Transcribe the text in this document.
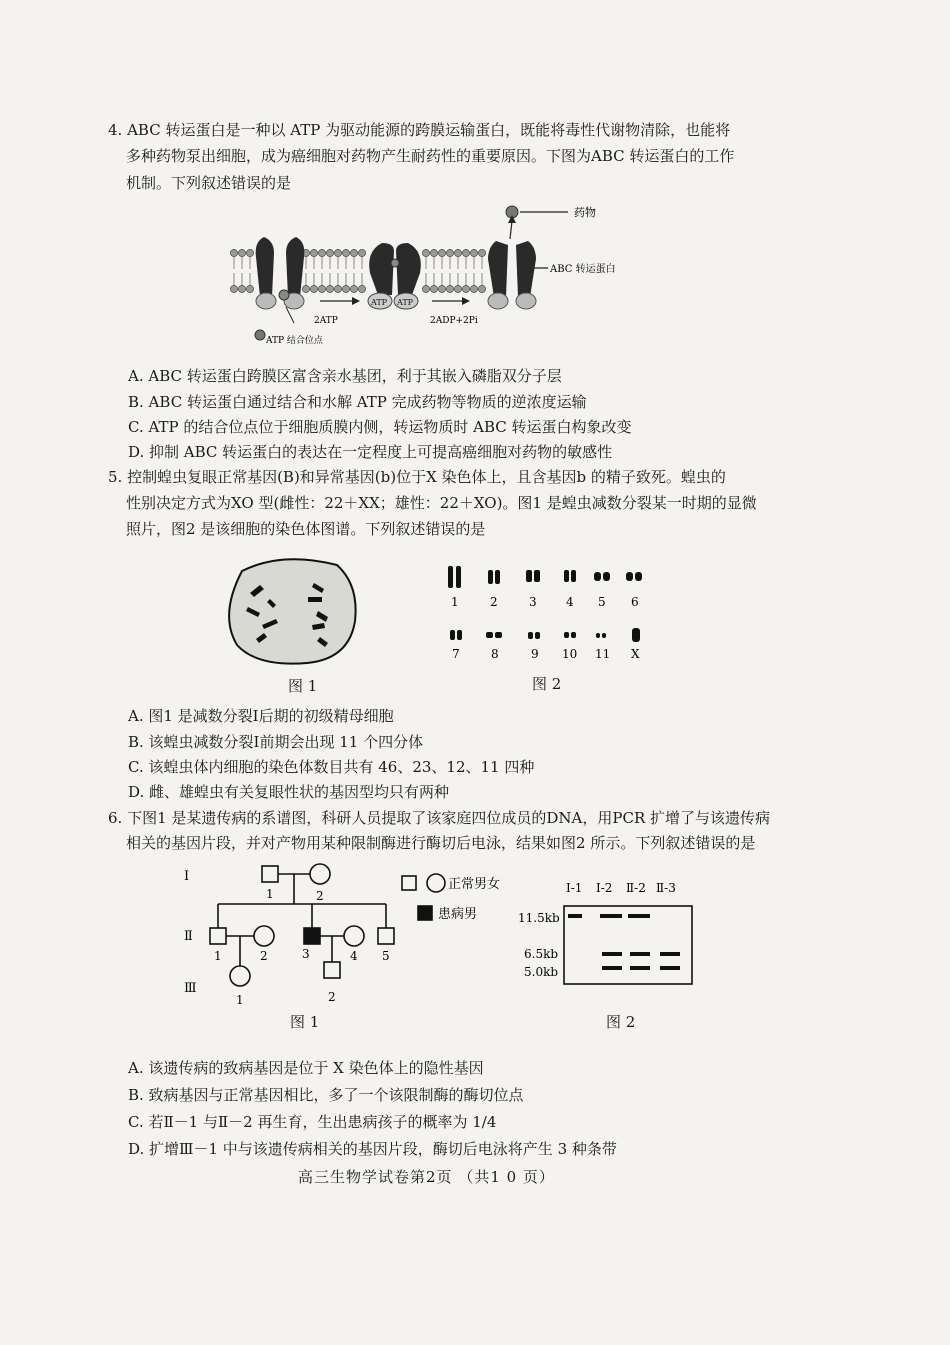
4. ABC 转运蛋白是一种以 ATP 为驱动能源的跨膜运输蛋白，既能将毒性代谢物清除，也能将
多种药物泵出细胞，成为癌细胞对药物产生耐药性的重要原因。下图为ABC 转运蛋白的工作
机制。下列叙述错误的是
药物
ABC 转运蛋白
ATP 结合位点
2ATP
ATP ATP
2ADP+2Pi
A. ABC 转运蛋白跨膜区富含亲水基团，利于其嵌入磷脂双分子层
B. ABC 转运蛋白通过结合和水解 ATP 完成药物等物质的逆浓度运输
C. ATP 的结合位点位于细胞质膜内侧，转运物质时 ABC 转运蛋白构象改变
D. 抑制 ABC 转运蛋白的表达在一定程度上可提高癌细胞对药物的敏感性
5. 控制蝗虫复眼正常基因(B)和异常基因(b)位于X 染色体上，且含基因b 的精子致死。蝗虫的
性别决定方式为XO 型(雌性：22＋XX；雄性：22＋XO)。图1 是蝗虫减数分裂某一时期的显微
照片，图2 是该细胞的染色体图谱。下列叙述错误的是
图 1
1	2	3 4 5 6
7	8	9 10 11 X
图 2
A. 图1 是减数分裂Ⅰ后期的初级精母细胞
B. 该蝗虫减数分裂Ⅰ前期会出现 11 个四分体
C. 该蝗虫体内细胞的染色体数目共有 46、23、12、11 四种
D. 雌、雄蝗虫有关复眼性状的基因型均只有两种
6. 下图1 是某遗传病的系谱图，科研人员提取了该家庭四位成员的DNA，用PCR 扩增了与该遗传病
相关的基因片段，并对产物用某种限制酶进行酶切后电泳，结果如图2 所示。下列叙述错误的是
Ⅰ
Ⅱ
Ⅲ
1	2
1	2	3	4 5
1	2
正常男女
患病男
图 1
Ⅰ-1 Ⅰ-2 Ⅱ-2 Ⅱ-3
11.5kb
6.5kb
5.0kb
图 2
A. 该遗传病的致病基因是位于 X 染色体上的隐性基因
B. 致病基因与正常基因相比，多了一个该限制酶的酶切位点
C. 若Ⅱ－1 与Ⅱ－2 再生育，生出患病孩子的概率为 1/4
D. 扩增Ⅲ－1 中与该遗传病相关的基因片段，酶切后电泳将产生 3 种条带
高三生物学试卷第2页 （共1 0 页）
